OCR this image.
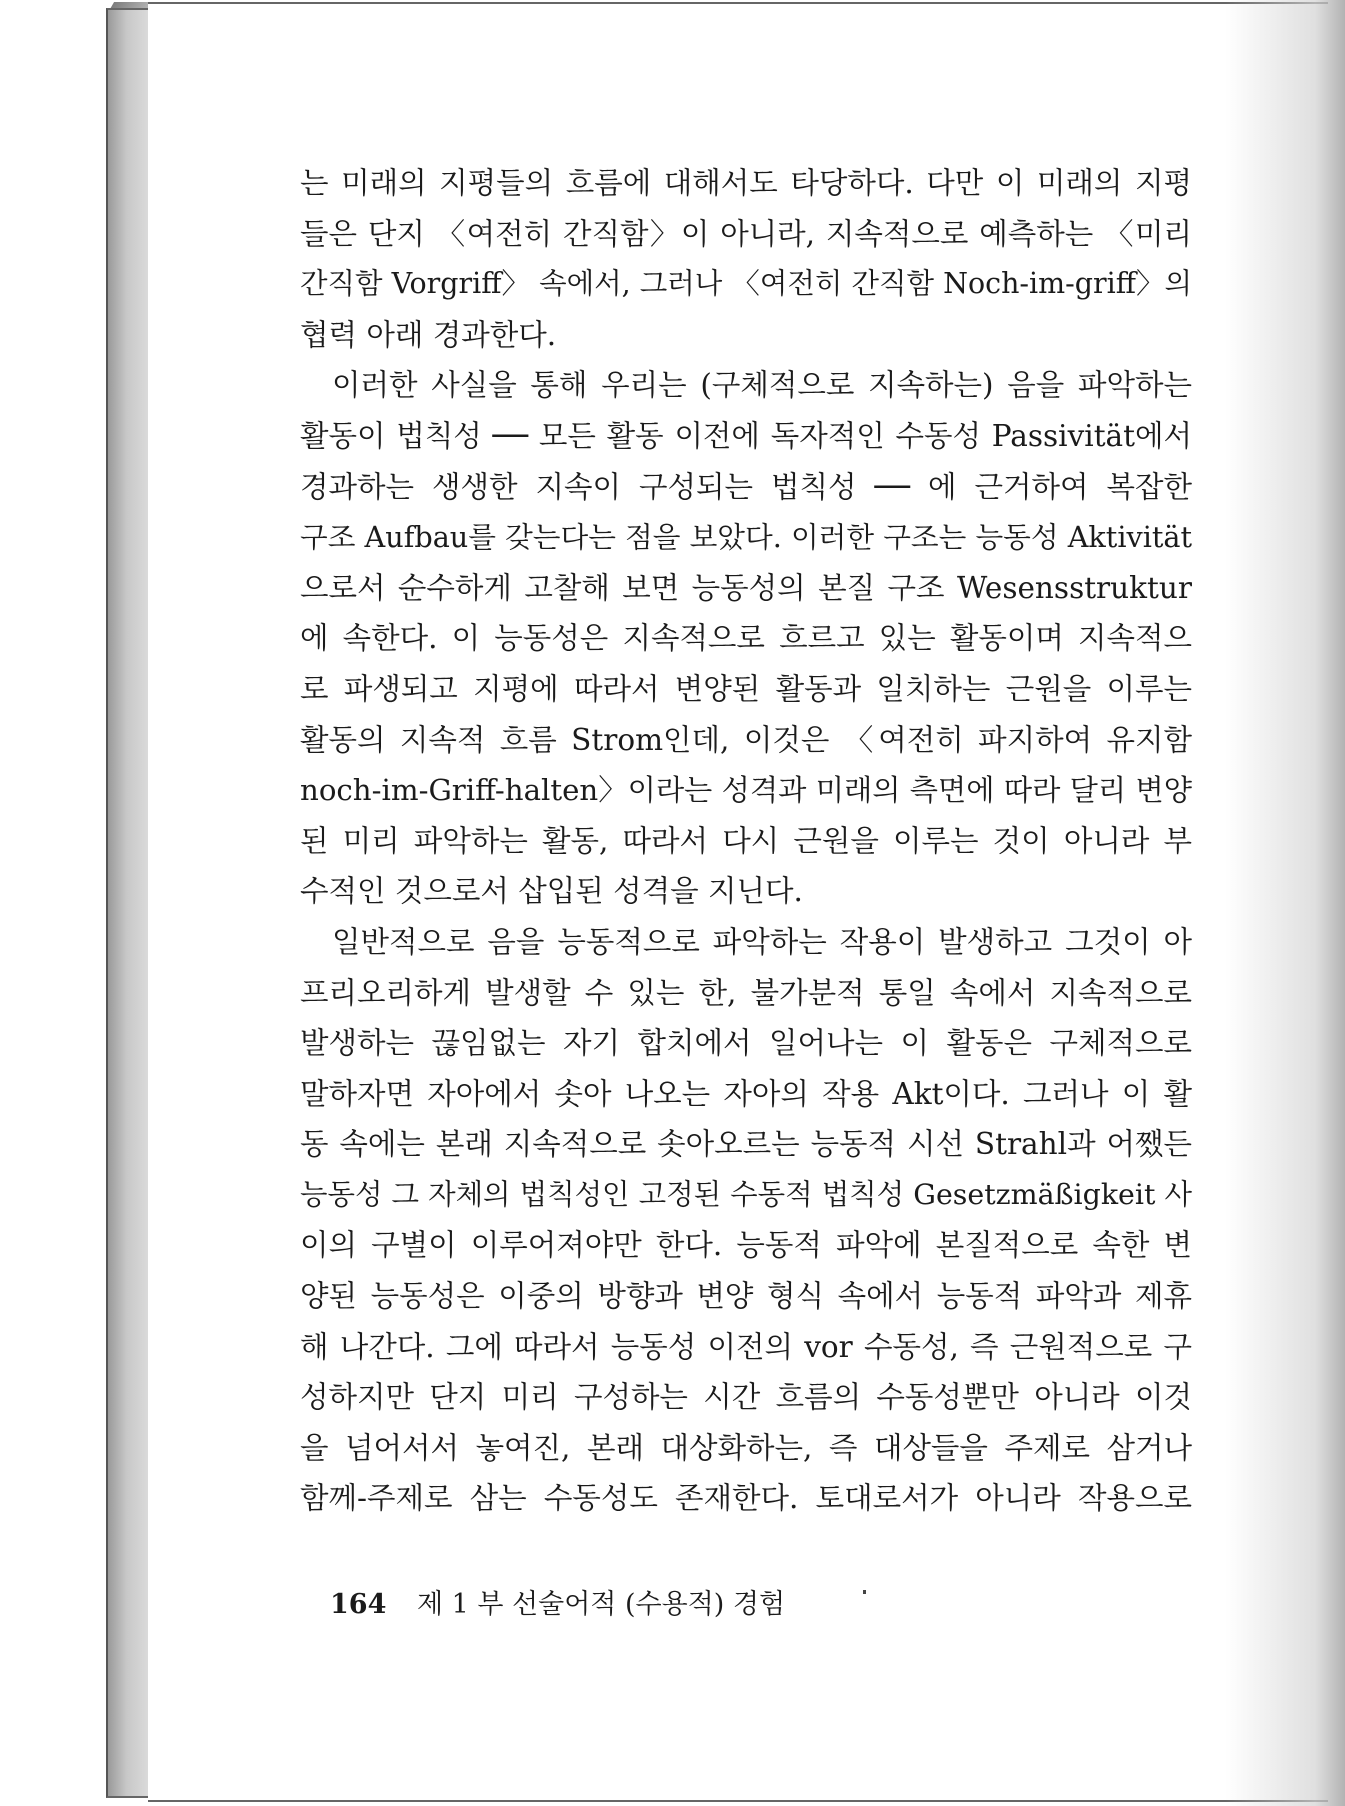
는 미래의 지평들의 흐름에 대해서도 타당하다. 다만 이 미래의 지평
들은 단지 〈여전히 간직함〉이 아니라, 지속적으로 예측하는 〈미리
간직함 Vorgriff〉 속에서, 그러나 〈여전히 간직함 Noch-im-griff〉의
협력 아래 경과한다.
이러한 사실을 통해 우리는 (구체적으로 지속하는) 음을 파악하는
활동이 법칙성 ── 모든 활동 이전에 독자적인 수동성 Passivität에서
경과하는 생생한 지속이 구성되는 법칙성 ── 에 근거하여 복잡한
구조 Aufbau를 갖는다는 점을 보았다. 이러한 구조는 능동성 Aktivität
으로서 순수하게 고찰해 보면 능동성의 본질 구조 Wesensstruktur
에 속한다. 이 능동성은 지속적으로 흐르고 있는 활동이며 지속적으
로 파생되고 지평에 따라서 변양된 활동과 일치하는 근원을 이루는
활동의 지속적 흐름 Strom인데, 이것은 〈여전히 파지하여 유지함
noch-im-Griff-halten〉이라는 성격과 미래의 측면에 따라 달리 변양
된 미리 파악하는 활동, 따라서 다시 근원을 이루는 것이 아니라 부
수적인 것으로서 삽입된 성격을 지닌다.
일반적으로 음을 능동적으로 파악하는 작용이 발생하고 그것이 아
프리오리하게 발생할 수 있는 한, 불가분적 통일 속에서 지속적으로
발생하는 끊임없는 자기 합치에서 일어나는 이 활동은 구체적으로
말하자면 자아에서 솟아 나오는 자아의 작용 Akt이다. 그러나 이 활
동 속에는 본래 지속적으로 솟아오르는 능동적 시선 Strahl과 어쨌든
능동성 그 자체의 법칙성인 고정된 수동적 법칙성 Gesetzmäßigkeit 사
이의 구별이 이루어져야만 한다. 능동적 파악에 본질적으로 속한 변
양된 능동성은 이중의 방향과 변양 형식 속에서 능동적 파악과 제휴
해 나간다. 그에 따라서 능동성 이전의 vor 수동성, 즉 근원적으로 구
성하지만 단지 미리 구성하는 시간 흐름의 수동성뿐만 아니라 이것
을 넘어서서 놓여진, 본래 대상화하는, 즉 대상들을 주제로 삼거나
함께-주제로 삼는 수동성도 존재한다. 토대로서가 아니라 작용으로
164 제 1 부 선술어적 (수용적) 경험
